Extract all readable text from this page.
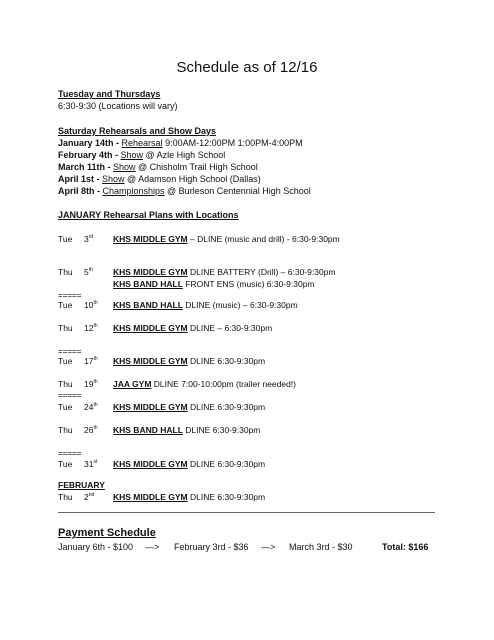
Schedule as of 12/16
Tuesday and Thursdays
6:30-9:30 (Locations will vary)
Saturday Rehearsals and Show Days
January 14th - Rehearsal 9:00AM-12:00PM 1:00PM-4:00PM
February 4th - Show @ Azle High School
March 11th - Show @ Chisholm Trail High School
April 1st - Show @ Adamson High School (Dallas)
April 8th - Championships @ Burleson Centennial High School
JANUARY Rehearsal Plans with Locations
Tue 3rd KHS MIDDLE GYM – DLINE (music and drill) - 6:30-9:30pm
Thu 5th KHS MIDDLE GYM DLINE BATTERY (Drill) – 6:30-9:30pm
KHS BAND HALL FRONT ENS (music) 6:30-9:30pm
=====
Tue 10th KHS BAND HALL DLINE (music) – 6:30-9:30pm
Thu 12th KHS MIDDLE GYM DLINE – 6:30-9:30pm
=====
Tue 17th KHS MIDDLE GYM DLINE 6:30-9:30pm
Thu 19th JAA GYM DLINE 7:00-10:00pm (trailer needed!)
=====
Tue 24th KHS MIDDLE GYM DLINE 6:30-9:30pm
Thu 26th KHS BAND HALL DLINE 6:30-9:30pm
=====
Tue 31st KHS MIDDLE GYM DLINE 6:30-9:30pm
FEBRUARY
Thu 2nd KHS MIDDLE GYM DLINE 6:30-9:30pm
Payment Schedule
January 6th - $100 —> February 3rd - $36 —> March 3rd - $30	Total: $166
